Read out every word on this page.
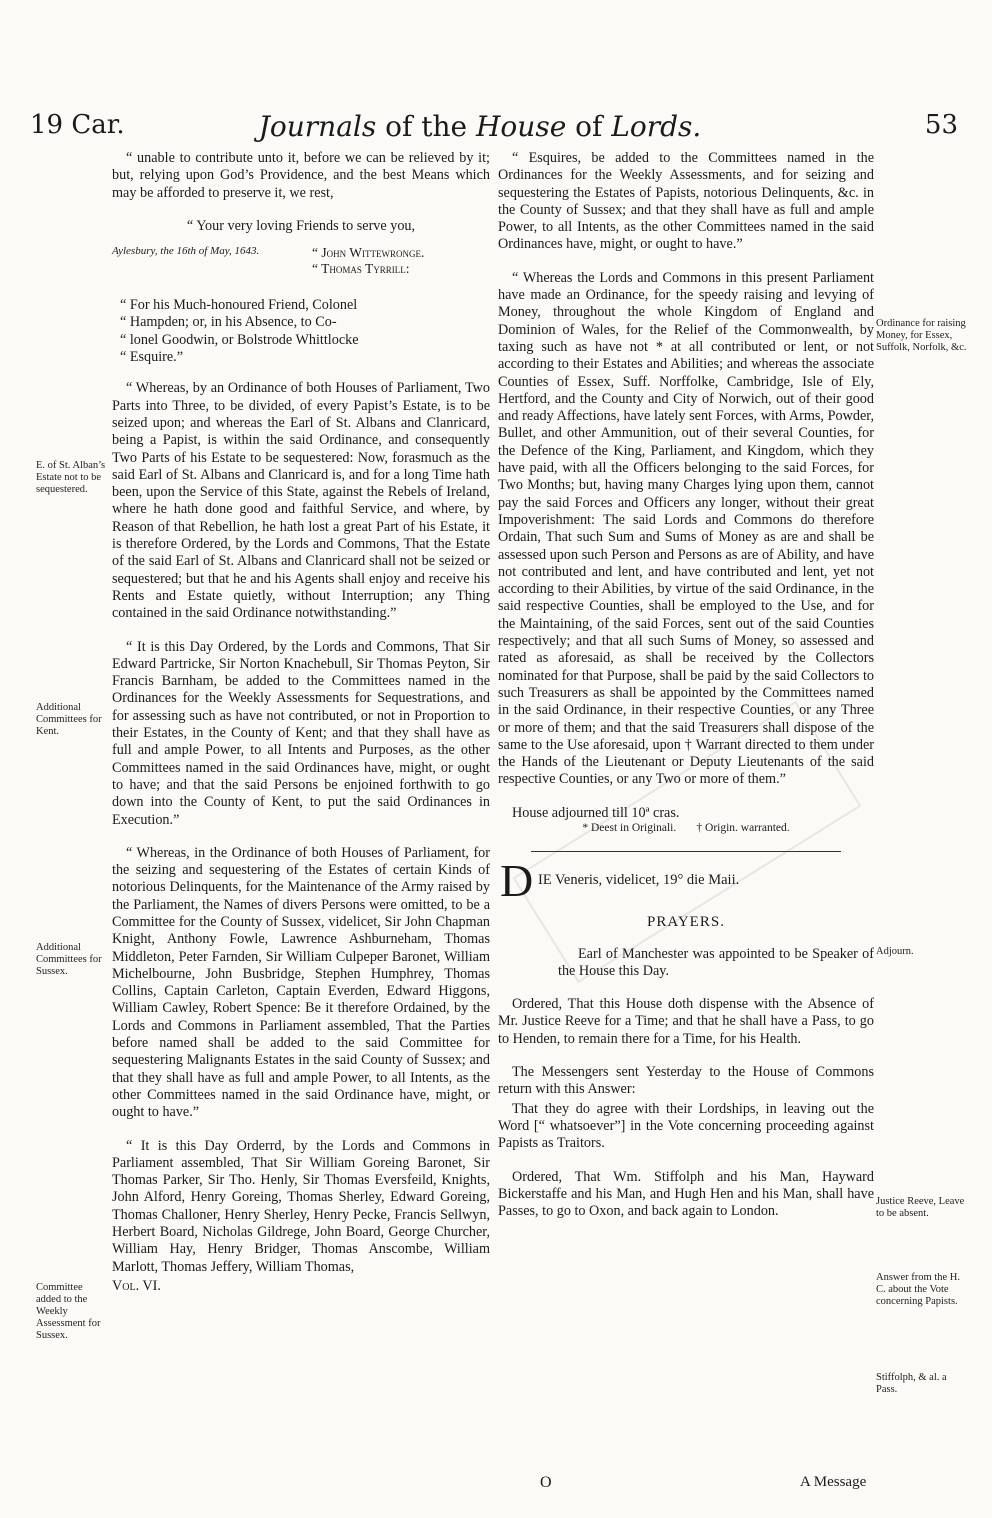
19 Car.	Journals of the House of Lords.	53

“ unable to contribute unto it, before we can be relieved by it; but, relying upon God’s Providence, and the best Means which may be afforded to preserve it, we rest,

“ Your very loving Friends to serve you,
Aylesbury, the 16th of May, 1643.	“ John Wittewronge.
“ Thomas Tyrrill:
“ For his Much-honoured Friend, Colonel
“ Hampden; or, in his Absence, to Co-
“ lonel Goodwin, or Bolstrode Whittlocke
“ Esquire.”

“ Whereas, by an Ordinance of both Houses of Parliament, Two Parts into Three, to be divided, of every Papist’s Estate, is to be seized upon; and whereas the Earl of St. Albans and Clanricard, being a Papist, is within the said Ordinance, and consequently Two Parts of his Estate to be sequestered: Now, forasmuch as the said Earl of St. Albans and Clanricard is, and for a long Time hath been, upon the Service of this State, against the Rebels of Ireland, where he hath done good and faithful Service, and where, by Reason of that Rebellion, he hath lost a great Part of his Estate, it is therefore Ordered, by the Lords and Commons, That the Estate of the said Earl of St. Albans and Clanricard shall not be seized or sequestered; but that he and his Agents shall enjoy and receive his Rents and Estate quietly, without Interruption; any Thing contained in the said Ordinance notwithstanding.”

“ It is this Day Ordered, by the Lords and Commons, That Sir Edward Partricke, Sir Norton Knachebull, Sir Thomas Peyton, Sir Francis Barnham, be added to the Committees named in the Ordinances for the Weekly Assessments for Sequestrations, and for assessing such as have not contributed, or not in Proportion to their Estates, in the County of Kent; and that they shall have as full and ample Power, to all Intents and Purposes, as the other Committees named in the said Ordinances have, might, or ought to have; and that the said Persons be enjoined forthwith to go down into the County of Kent, to put the said Ordinances in Execution.”

“ Whereas, in the Ordinance of both Houses of Parliament, for the seizing and sequestering of the Estates of certain Kinds of notorious Delinquents, for the Maintenance of the Army raised by the Parliament, the Names of divers Persons were omitted, to be a Committee for the County of Sussex, videlicet, Sir John Chapman Knight, Anthony Fowle, Lawrence Ashburneham, Thomas Middleton, Peter Farnden, Sir William Culpeper Baronet, William Michelbourne, John Busbridge, Stephen Humphrey, Thomas Collins, Captain Carleton, Captain Everden, Edward Higgons, William Cawley, Robert Spence: Be it therefore Ordained, by the Lords and Commons in Parliament assembled, That the Parties before named shall be added to the said Committee for sequestering Malignants Estates in the said County of Sussex; and that they shall have as full and ample Power, to all Intents, as the other Committees named in the said Ordinance have, might, or ought to have.”

“ It is this Day Orderrd, by the Lords and Commons in Parliament assembled, That Sir William Goreing Baronet, Sir Thomas Parker, Sir Tho. Henly, Sir Thomas Eversfeild, Knights, John Alford, Henry Goreing, Thomas Sherley, Edward Goreing, Thomas Challoner, Henry Sherley, Henry Pecke, Francis Sellwyn, Herbert Board, Nicholas Gildrege, John Board, George Churcher, William Hay, Henry Bridger, Thomas Anscombe, William Marlott, Thomas Jeffery, William Thomas,

Vol. VI.
E. of St. Alban’s Estate not to be sequestered.
Additional Committees for Kent.
Additional Committees for Sussex.
Committee added to the Weekly Assessment for Sussex.

“ Esquires, be added to the Committees named in the Ordinances for the Weekly Assessments, and for seizing and sequestering the Estates of Papists, notorious Delinquents, &c. in the County of Sussex; and that they shall have as full and ample Power, to all Intents, as the other Committees named in the said Ordinances have, might, or ought to have.”

“ Whereas the Lords and Commons in this present Parliament have made an Ordinance, for the speedy raising and levying of Money, throughout the whole Kingdom of England and Dominion of Wales, for the Relief of the Commonwealth, by taxing such as have not * at all contributed or lent, or not according to their Estates and Abilities; and whereas the associate Counties of Essex, Suff. Norffolke, Cambridge, Isle of Ely, Hertford, and the County and City of Norwich, out of their good and ready Affections, have lately sent Forces, with Arms, Powder, Bullet, and other Ammunition, out of their several Counties, for the Defence of the King, Parliament, and Kingdom, which they have paid, with all the Officers belonging to the said Forces, for Two Months; but, having many Charges lying upon them, cannot pay the said Forces and Officers any longer, without their great Impoverishment: The said Lords and Commons do therefore Ordain, That such Sum and Sums of Money as are and shall be assessed upon such Person and Persons as are of Ability, and have not contributed and lent, and have contributed and lent, yet not according to their Abilities, by virtue of the said Ordinance, in the said respective Counties, shall be employed to the Use, and for the Maintaining, of the said Forces, sent out of the said Counties respectively; and that all such Sums of Money, so assessed and rated as aforesaid, as shall be received by the Collectors nominated for that Purpose, shall be paid by the said Collectors to such Treasurers as shall be appointed by the Committees named in the said Ordinance, in their respective Counties, or any Three or more of them; and that the said Treasurers shall dispose of the same to the Use aforesaid, upon † Warrant directed to them under the Hands of the Lieutenant or Deputy Lieutenants of the said respective Counties, or any Two or more of them.”

House adjourned till 10ª cras.

* Deest in Originali. † Origin. warranted.
D IE Veneris, videlicet, 19° die Maii.
PRAYERS.

Earl of Manchester was appointed to be Speaker of the House this Day.

Ordered, That this House doth dispense with the Absence of Mr. Justice Reeve for a Time; and that he shall have a Pass, to go to Henden, to remain there for a Time, for his Health.

The Messengers sent Yesterday to the House of Commons return with this Answer:

That they do agree with their Lordships, in leaving out the Word [“ whatsoever”] in the Vote concerning proceeding against Papists as Traitors.

Ordered, That Wm. Stiffolph and his Man, Hayward Bickerstaffe and his Man, and Hugh Hen and his Man, shall have Passes, to go to Oxon, and back again to London.

Ordinance for raising Money, for Essex, Suffolk, Norfolk, &c.
Adjourn.
Justice Reeve, Leave to be absent.
Answer from the H. C. about the Vote concerning Papists.
Stiffolph, & al. a Pass.
O	A Message
